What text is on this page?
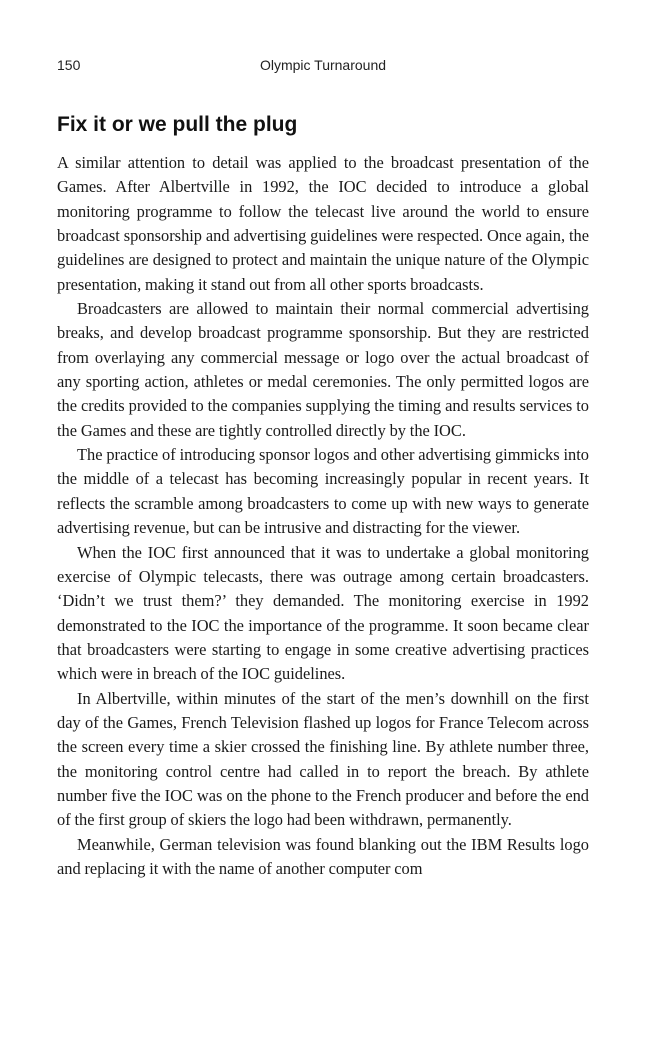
150	Olympic Turnaround
Fix it or we pull the plug

A similar attention to detail was applied to the broadcast presentation of the Games. After Albertville in 1992, the IOC decided to introduce a global monitoring programme to follow the telecast live around the world to ensure broadcast sponsorship and advertising guidelines were respected. Once again, the guidelines are designed to protect and maintain the unique nature of the Olympic presentation, making it stand out from all other sports broadcasts.

Broadcasters are allowed to maintain their normal commercial advertising breaks, and develop broadcast programme sponsorship. But they are restricted from overlaying any commercial message or logo over the actual broadcast of any sporting action, athletes or medal ceremonies. The only permitted logos are the credits provided to the companies supplying the timing and results services to the Games and these are tightly controlled directly by the IOC.

The practice of introducing sponsor logos and other advertising gimmicks into the middle of a telecast has becoming increasingly popular in recent years. It reflects the scramble among broadcasters to come up with new ways to generate advertising revenue, but can be intrusive and distracting for the viewer.

When the IOC first announced that it was to undertake a global monitoring exercise of Olympic telecasts, there was outrage among certain broadcasters. ‘Didn’t we trust them?’ they demanded. The monitoring exercise in 1992 demonstrated to the IOC the importance of the programme. It soon became clear that broadcasters were starting to engage in some creative advertising practices which were in breach of the IOC guidelines.

In Albertville, within minutes of the start of the men’s downhill on the first day of the Games, French Television flashed up logos for France Telecom across the screen every time a skier crossed the finishing line. By athlete number three, the monitoring control centre had called in to report the breach. By athlete number five the IOC was on the phone to the French producer and before the end of the first group of skiers the logo had been withdrawn, permanently.

Meanwhile, German television was found blanking out the IBM Results logo and replacing it with the name of another computer com
